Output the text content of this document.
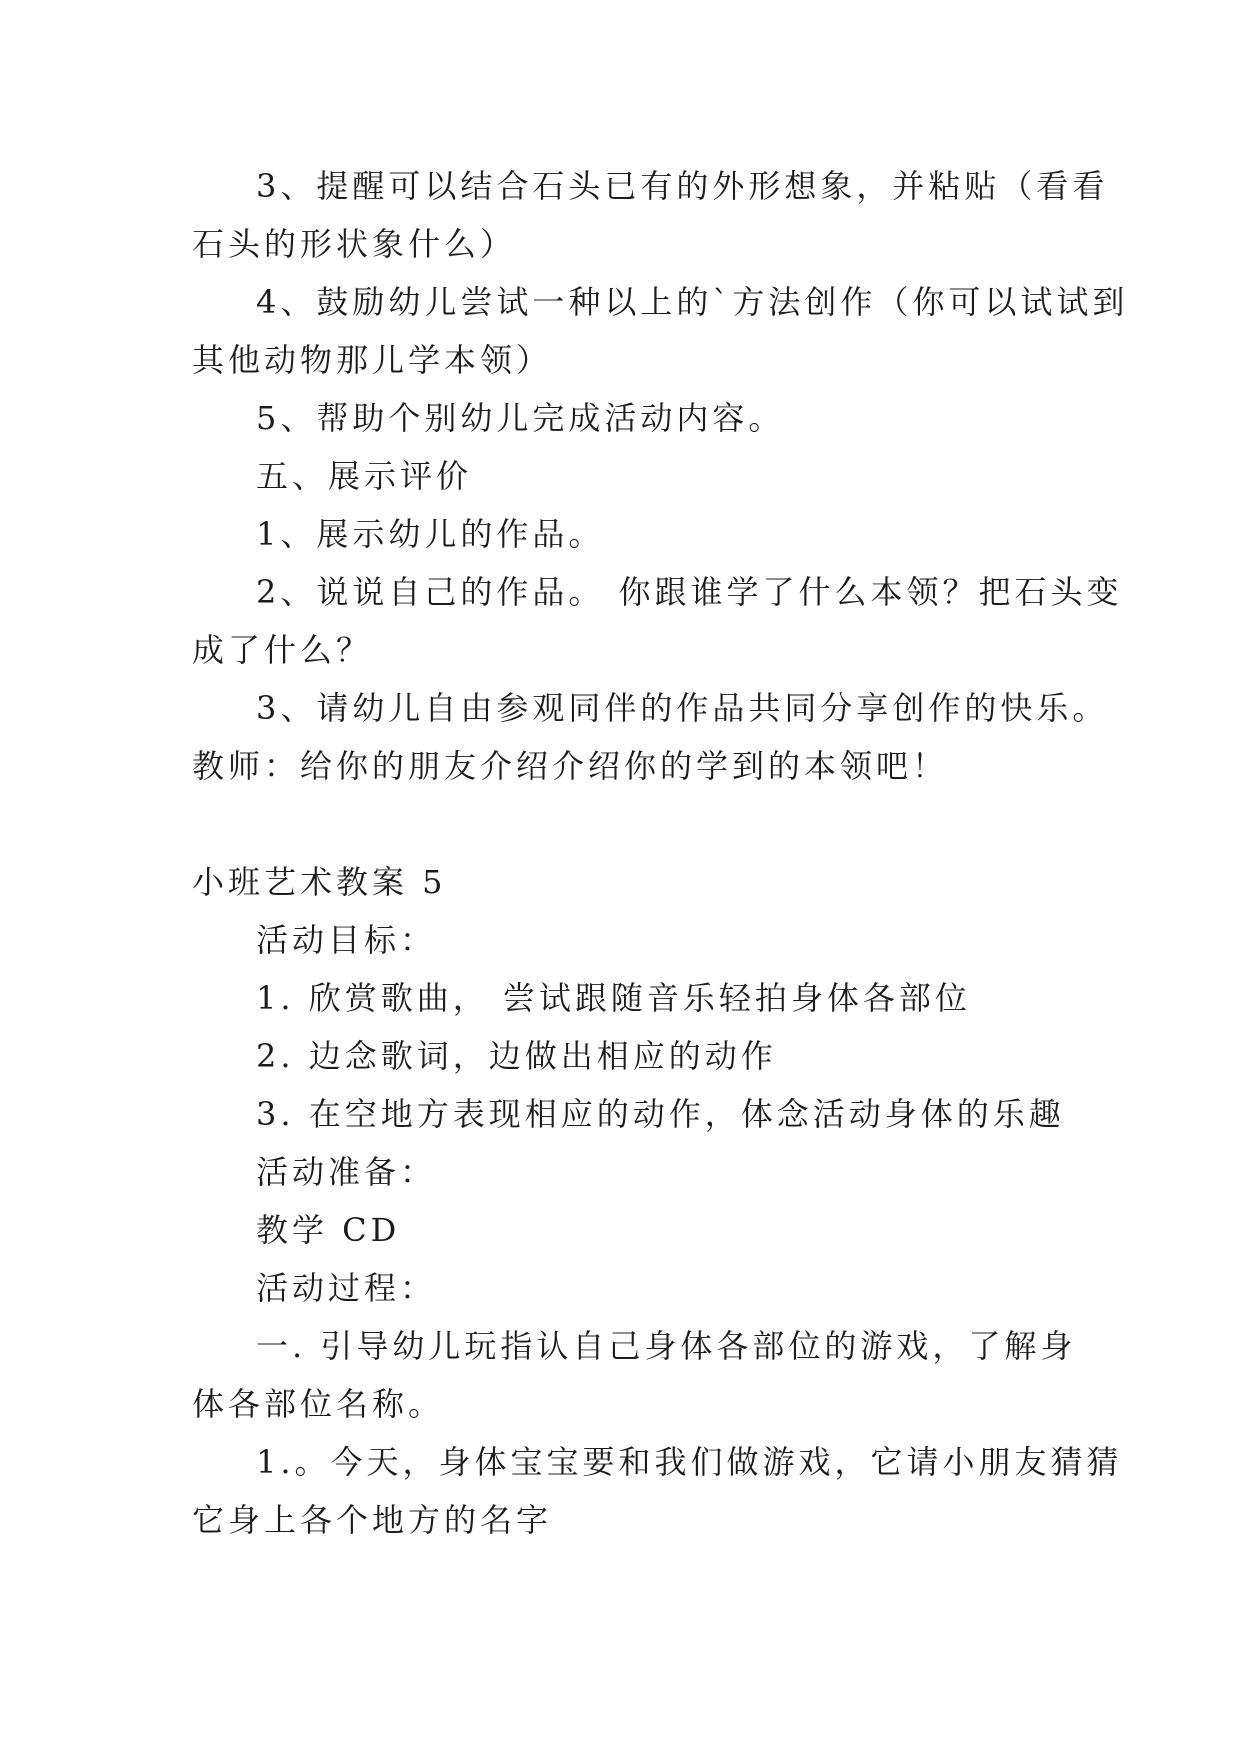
3、提醒可以结合石头已有的外形想象，并粘贴（看看
石头的形状象什么）
4、鼓励幼儿尝试一种以上的`方法创作（你可以试试到
其他动物那儿学本领）
5、帮助个别幼儿完成活动内容。
五、展示评价
1、展示幼儿的作品。
2、说说自己的作品。 你跟谁学了什么本领？把石头变
成了什么？
3、请幼儿自由参观同伴的作品共同分享创作的快乐。
教师：给你的朋友介绍介绍你的学到的本领吧！
小班艺术教案 5
活动目标：
1. 欣赏歌曲， 尝试跟随音乐轻拍身体各部位
2. 边念歌词，边做出相应的动作
3. 在空地方表现相应的动作，体念活动身体的乐趣
活动准备：
教学 CD
活动过程：
一. 引导幼儿玩指认自己身体各部位的游戏，了解身
体各部位名称。
1.。今天，身体宝宝要和我们做游戏，它请小朋友猜猜
它身上各个地方的名字
